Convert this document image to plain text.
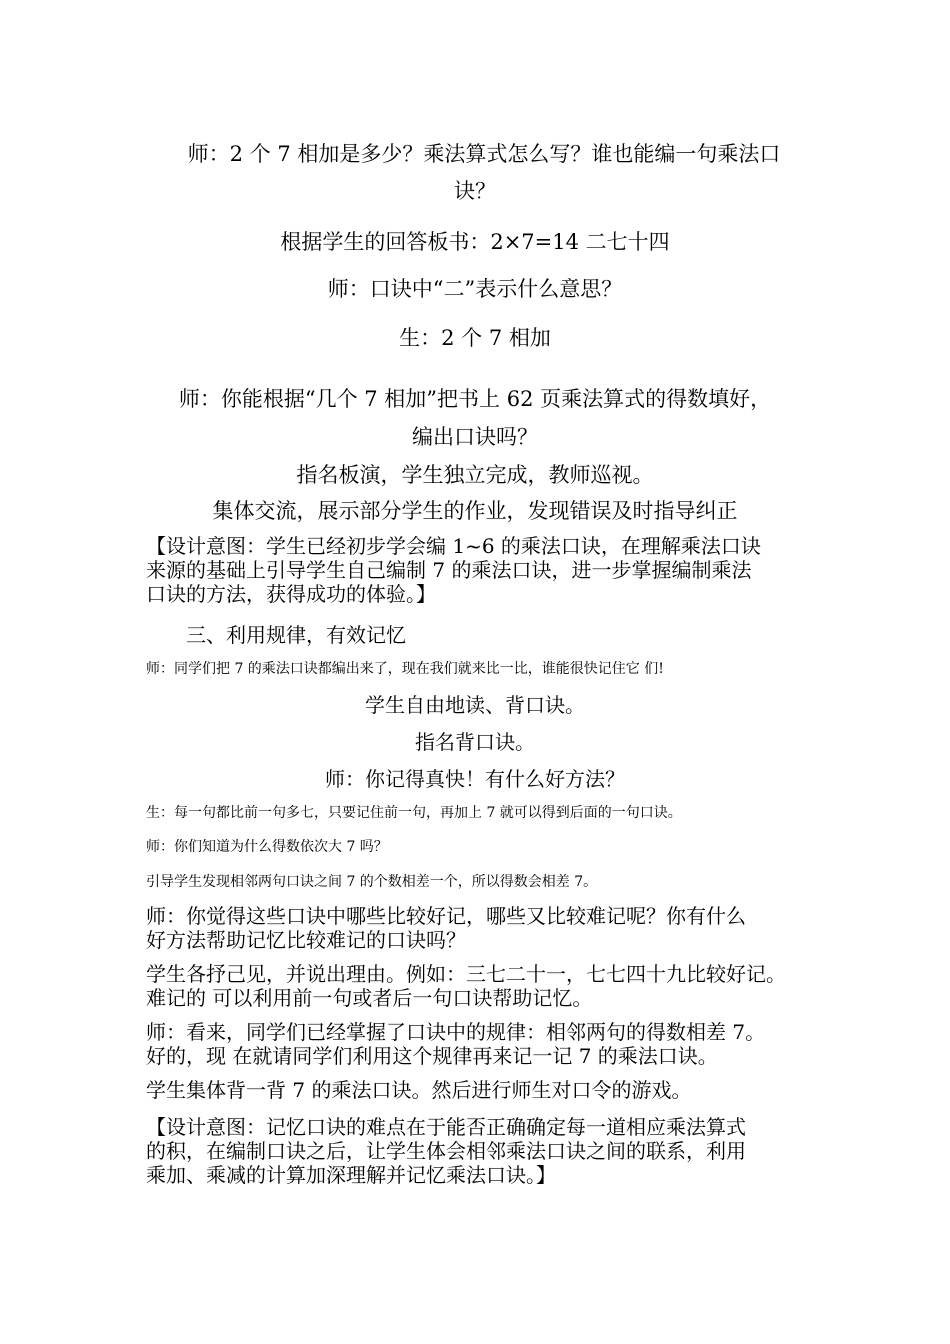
师：2 个 7 相加是多少？乘法算式怎么写？谁也能编一句乘法口
诀？
根据学生的回答板书：2×7=14 二七十四
师：口诀中“二”表示什么意思？
生：2 个 7 相加
师：你能根据“几个 7 相加”把书上 62 页乘法算式的得数填好，
编出口诀吗？
指名板演，学生独立完成，教师巡视。
集体交流，展示部分学生的作业，发现错误及时指导纠正
【设计意图：学生已经初步学会编 1~6 的乘法口诀，在理解乘法口诀
来源的基础上引导学生自己编制 7 的乘法口诀，进一步掌握编制乘法
口诀的方法，获得成功的体验。】
三、利用规律，有效记忆
师：同学们把 7 的乘法口诀都编出来了，现在我们就来比一比，谁能很快记住它 们!
学生自由地读、背口诀。
指名背口诀。
师：你记得真快！有什么好方法？
生：每一句都比前一句多七，只要记住前一句，再加上 7 就可以得到后面的一句口诀。
师：你们知道为什么得数依次大 7 吗？
引导学生发现相邻两句口诀之间 7 的个数相差一个，所以得数会相差 7。
师：你觉得这些口诀中哪些比较好记，哪些又比较难记呢？你有什么
好方法帮助记忆比较难记的口诀吗？
学生各抒己见，并说出理由。例如：三七二十一，七七四十九比较好记。
难记的 可以利用前一句或者后一句口诀帮助记忆。
师：看来，同学们已经掌握了口诀中的规律：相邻两句的得数相差 7。
好的，现 在就请同学们利用这个规律再来记一记 7 的乘法口诀。
学生集体背一背 7 的乘法口诀。然后进行师生对口令的游戏。
【设计意图：记忆口诀的难点在于能否正确确定每一道相应乘法算式
的积，在编制口诀之后，让学生体会相邻乘法口诀之间的联系，利用
乘加、乘减的计算加深理解并记忆乘法口诀。】
